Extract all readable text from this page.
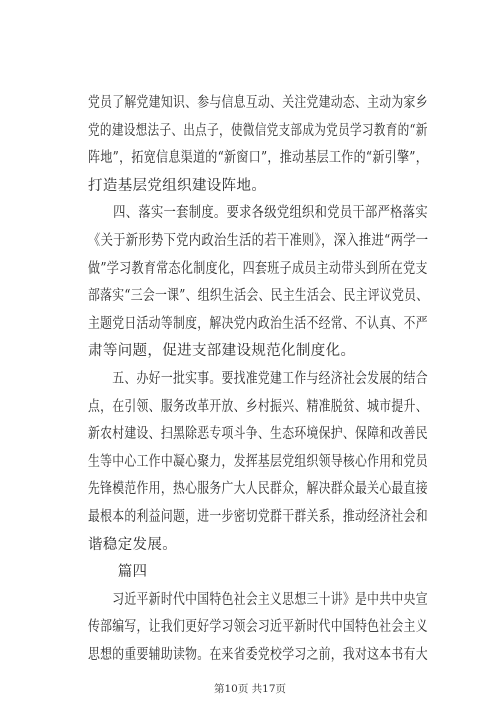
党员了解党建知识、参与信息互动、关注党建动态、主动为家乡
党的建设想法子、出点子，使微信党支部成为党员学习教育的“新
阵地”，拓宽信息渠道的“新窗口”，推动基层工作的“新引擎”，
打造基层党组织建设阵地。
　　四、落实一套制度。要求各级党组织和党员干部严格落实
《关于新形势下党内政治生活的若干准则》，深入推进“两学一
做”学习教育常态化制度化，四套班子成员主动带头到所在党支
部落实“三会一课”、组织生活会、民主生活会、民主评议党员、
主题党日活动等制度，解决党内政治生活不经常、不认真、不严
肃等问题，促进支部建设规范化制度化。
　　五、办好一批实事。要找准党建工作与经济社会发展的结合
点，在引领、服务改革开放、乡村振兴、精准脱贫、城市提升、
新农村建设、扫黑除恶专项斗争、生态环境保护、保障和改善民
生等中心工作中凝心聚力，发挥基层党组织领导核心作用和党员
先锋模范作用，热心服务广大人民群众，解决群众最关心最直接
最根本的利益问题，进一步密切党群干群关系，推动经济社会和
谐稳定发展。
　　篇四
　　习近平新时代中国特色社会主义思想三十讲》是中共中央宣
传部编写，让我们更好学习领会习近平新时代中国特色社会主义
思想的重要辅助读物。在来省委党校学习之前，我对这本书有大
第10页 共17页
